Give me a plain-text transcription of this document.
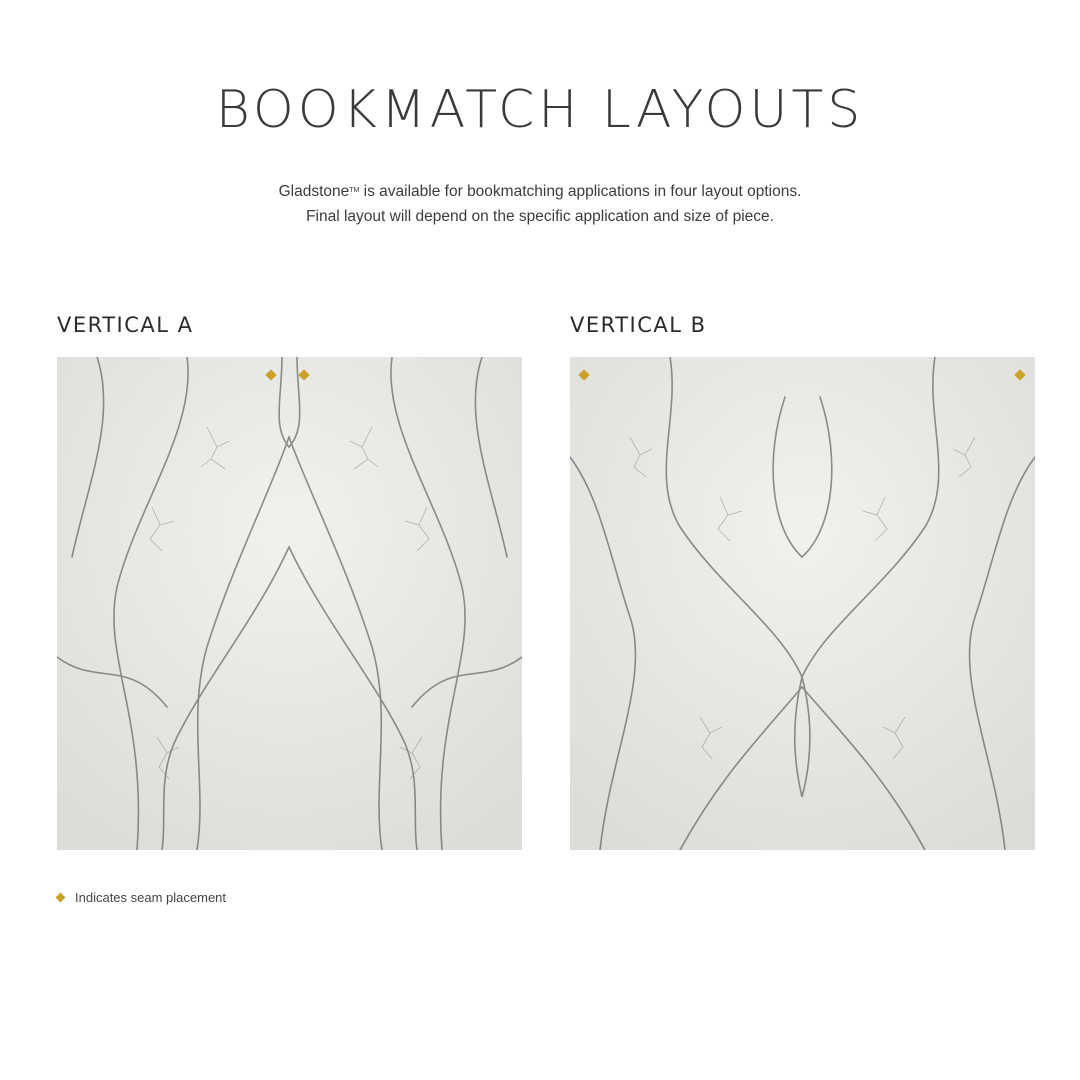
BOOKMATCH LAYOUTS
Gladstone™ is available for bookmatching applications in four layout options.
Final layout will depend on the specific application and size of piece.
VERTICAL A	VERTICAL B
Indicates seam placement
